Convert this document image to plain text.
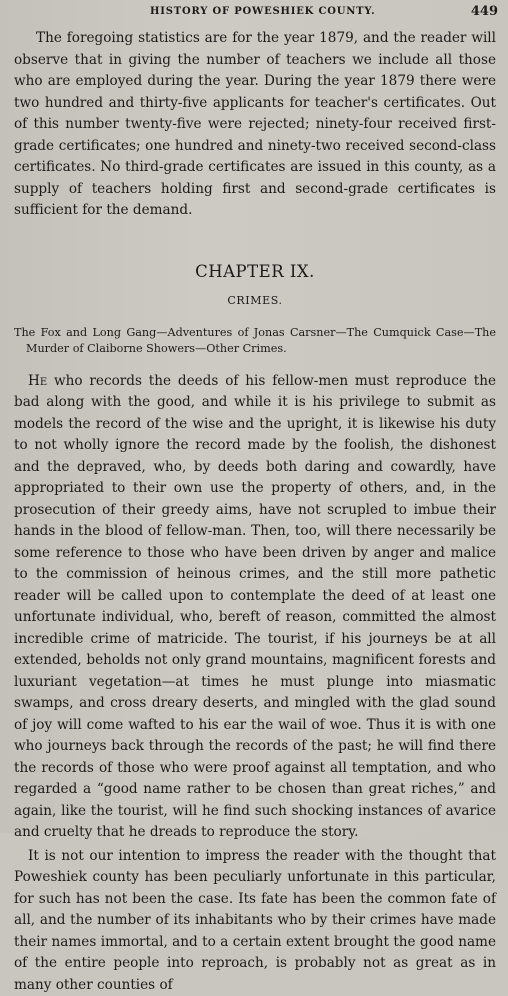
HISTORY OF POWESHIEK COUNTY.	449

The foregoing statistics are for the year 1879, and the reader will observe that in giving the number of teachers we include all those who are employed during the year. During the year 1879 there were two hundred and thirty-five applicants for teacher's certificates. Out of this number twenty-five were rejected; ninety-four received first-grade certificates; one hundred and ninety-two received second-class certificates. No third-grade certificates are issued in this county, as a supply of teachers holding first and second-grade certificates is sufficient for the demand.

CHAPTER IX.
CRIMES.
The Fox and Long Gang—Adventures of Jonas Carsner—The Cumquick Case—The Murder of Claiborne Showers—Other Crimes.

He who records the deeds of his fellow-men must reproduce the bad along with the good, and while it is his privilege to submit as models the record of the wise and the upright, it is likewise his duty to not wholly ignore the record made by the foolish, the dishonest and the depraved, who, by deeds both daring and cowardly, have appropriated to their own use the property of others, and, in the prosecution of their greedy aims, have not scrupled to imbue their hands in the blood of fellow-man. Then, too, will there necessarily be some reference to those who have been driven by anger and malice to the commission of heinous crimes, and the still more pathetic reader will be called upon to contemplate the deed of at least one unfortunate individual, who, bereft of reason, committed the almost incredible crime of matricide. The tourist, if his journeys be at all extended, beholds not only grand mountains, magnificent forests and luxuriant vegetation—at times he must plunge into miasmatic swamps, and cross dreary deserts, and mingled with the glad sound of joy will come wafted to his ear the wail of woe. Thus it is with one who journeys back through the records of the past; he will find there the records of those who were proof against all temptation, and who regarded a “good name rather to be chosen than great riches,” and again, like the tourist, will he find such shocking instances of avarice and cruelty that he dreads to reproduce the story.

It is not our intention to impress the reader with the thought that Poweshiek county has been peculiarly unfortunate in this particular, for such has not been the case. Its fate has been the common fate of all, and the number of its inhabitants who by their crimes have made their names immortal, and to a certain extent brought the good name of the entire people into reproach, is probably not as great as in many other counties of
